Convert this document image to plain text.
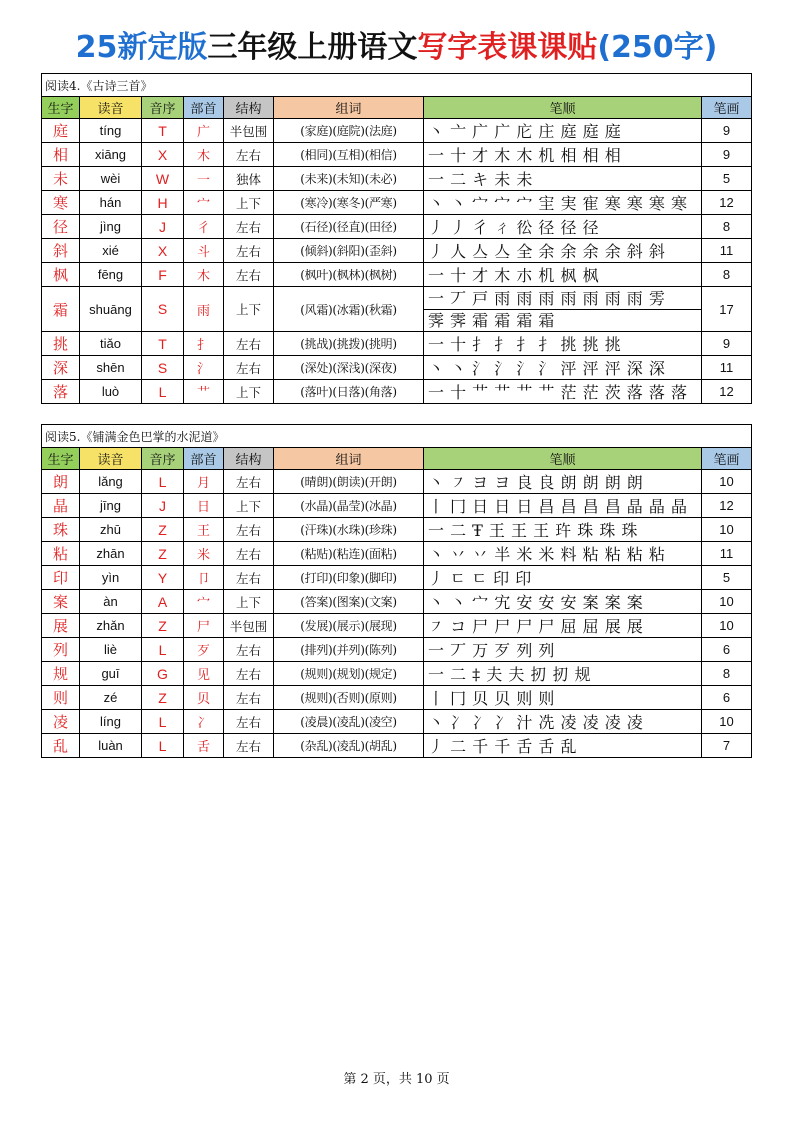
25新定版三年级上册语文写字表课课贴(250字)
阅读4.《古诗三首》							
生字	读音	音序	部首	结构	组词	笔顺	笔画
庭	tíng	T	广	半包围	(家庭)(庭院)(法庭)	丶 亠 广 广 庀 庄 庭 庭 庭	9
相	xiāng	X	木	左右	(相同)(互相)(相信)	一 十 才 木 木 机 相 相 相	9
未	wèi	W	一	独体	(未来)(未知)(未必)	一 二 キ 未 未	5
寒	hán	H	宀	上下	(寒冷)(寒冬)(严寒)	丶 丶 宀 宀 宀 宔 実 寉 寒 寒 寒 寒	12
径	jìng	J	彳	左右	(石径)(径直)(田径)	丿 丿 彳 ㄔ 彸 径 径 径	8
斜	xié	X	斗	左右	(倾斜)(斜阳)(歪斜)	丿 人 亼 亼 全 余 余 余 余 斜 斜	11
枫	fēng	F	木	左右	(枫叶)(枫林)(枫树)	一 十 才 木 朩 机 枫 枫	8
霜	shuāng	S	雨	上下	(风霜)(冰霜)(秋霜)	一 丆 戸 雨 雨 雨 雨 雨 雨 雨 雱
霁 霁 霜 霜 霜 霜	17
挑	tiǎo	T	扌	左右	(挑战)(挑拨)(挑明)	一 十 扌 扌 扌 扌 挑 挑 挑	9
深	shēn	S	氵	左右	(深处)(深浅)(深夜)	丶 丶 氵 氵 氵 氵 泙 泙 泙 深 深	11
落	luò	L	艹	上下	(落叶)(日落)(角落)	一 十 艹 艹 艹 艹 茫 茫 茨 落 落 落	12
阅读5.《铺满金色巴掌的水泥道》							
生字	读音	音序	部首	结构	组词	笔顺	笔画
朗	lǎng	L	月	左右	(晴朗)(朗读)(开朗)	丶 ㇇ ヨ ヨ 良 良 朗 朗 朗 朗	10
晶	jīng	J	日	上下	(水晶)(晶莹)(冰晶)	丨 冂 日 日 日 昌 昌 昌 昌 晶 晶 晶	12
珠	zhū	Z	王	左右	(汗珠)(水珠)(珍珠)	一 二 Ŧ 王 王 王 玝 珠 珠 珠	10
粘	zhān	Z	米	左右	(粘贴)(粘连)(面粘)	丶 丷 丷 半 米 米 料 粘 粘 粘 粘	11
印	yìn	Y	卩	左右	(打印)(印象)(脚印)	丿 ㄷ ㄷ 印 印	5
案	àn	A	宀	上下	(答案)(图案)(文案)	丶 丶 宀 宄 安 安 安 案 案 案	10
展	zhǎn	Z	尸	半包围	(发展)(展示)(展现)	㇇ コ 尸 尸 尸 尸 屈 屈 展 展	10
列	liè	L	歹	左右	(排列)(并列)(陈列)	一 丆 万 歹 列 列	6
规	guī	G	见	左右	(规则)(规划)(规定)	一 二 ‡ 夫 夫 扨 扨 规	8
则	zé	Z	贝	左右	(规则)(否则)(原则)	丨 冂 贝 贝 则 则	6
凌	líng	L	冫	左右	(凌晨)(凌乱)(凌空)	丶 冫 冫 冫 汁 冼 凌 凌 凌 凌	10
乱	luàn	L	舌	左右	(杂乱)(凌乱)(胡乱)	丿 二 千 千 舌 舌 乱	7
第 2 页，共 10 页
